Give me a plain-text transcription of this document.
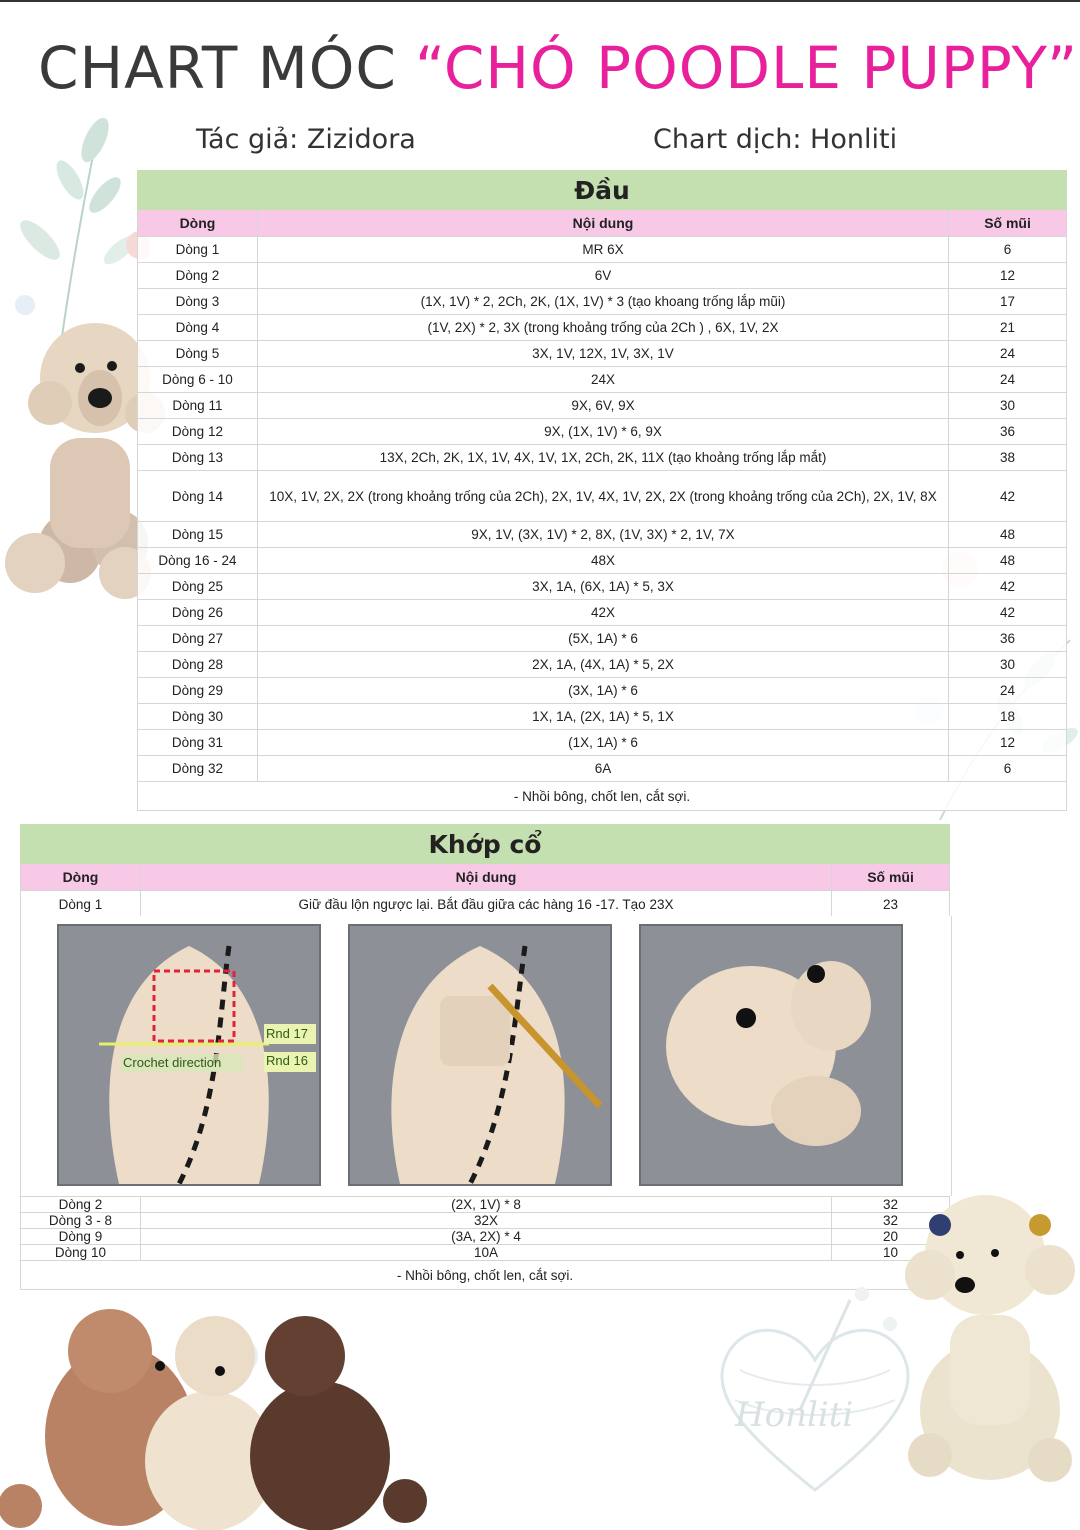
CHART MÓC “CHÓ POODLE PUPPY”
Tác giả: Zizidora	Chart dịch: Honliti
Đầu		
Dòng	Nội dung	Số mũi
Dòng 1	MR 6X	6
Dòng 2	6V	12
Dòng 3	(1X, 1V) * 2, 2Ch, 2K, (1X, 1V) * 3 (tạo khoang trống lắp mũi)	17
Dòng 4	(1V, 2X) * 2, 3X (trong khoảng trống của 2Ch ) , 6X, 1V, 2X	21
Dòng 5	3X, 1V, 12X, 1V, 3X, 1V	24
Dòng 6 - 10	24X	24
Dòng 11	9X, 6V, 9X	30
Dòng 12	9X, (1X, 1V) * 6, 9X	36
Dòng 13	13X, 2Ch, 2K, 1X, 1V, 4X, 1V, 1X, 2Ch, 2K, 11X (tạo khoảng trống lắp mắt)	38
Dòng 14	10X, 1V, 2X, 2X (trong khoảng trống của 2Ch), 2X, 1V, 4X, 1V, 2X, 2X (trong khoảng trống của 2Ch), 2X, 1V, 8X	42
Dòng 15	9X, 1V, (3X, 1V) * 2, 8X, (1V, 3X) * 2, 1V, 7X	48
Dòng 16 - 24	48X	48
Dòng 25	3X, 1A, (6X, 1A) * 5, 3X	42
Dòng 26	42X	42
Dòng 27	(5X, 1A) * 6	36
Dòng 28	2X, 1A, (4X, 1A) * 5, 2X	30
Dòng 29	(3X, 1A) * 6	24
Dòng 30	1X, 1A, (2X, 1A) * 5, 1X	18
Dòng 31	(1X, 1A) * 6	12
Dòng 32	6A	6
- Nhồi bông, chốt len, cắt sợi.		
Khớp cổ		
Dòng	Nội dung	Số mũi
Dòng 1	Giữ đầu lộn ngược lại. Bắt đầu giữa các hàng 16 -17. Tạo 23X	23
Rnd 17
Rnd 16
Crochet direction
Dòng 2	(2X, 1V) * 8	32
Dòng 3 - 8	32X	32
Dòng 9	(3A, 2X) * 4	20
Dòng 10	10A	10
- Nhồi bông, chốt len, cắt sợi.		
Honliti
